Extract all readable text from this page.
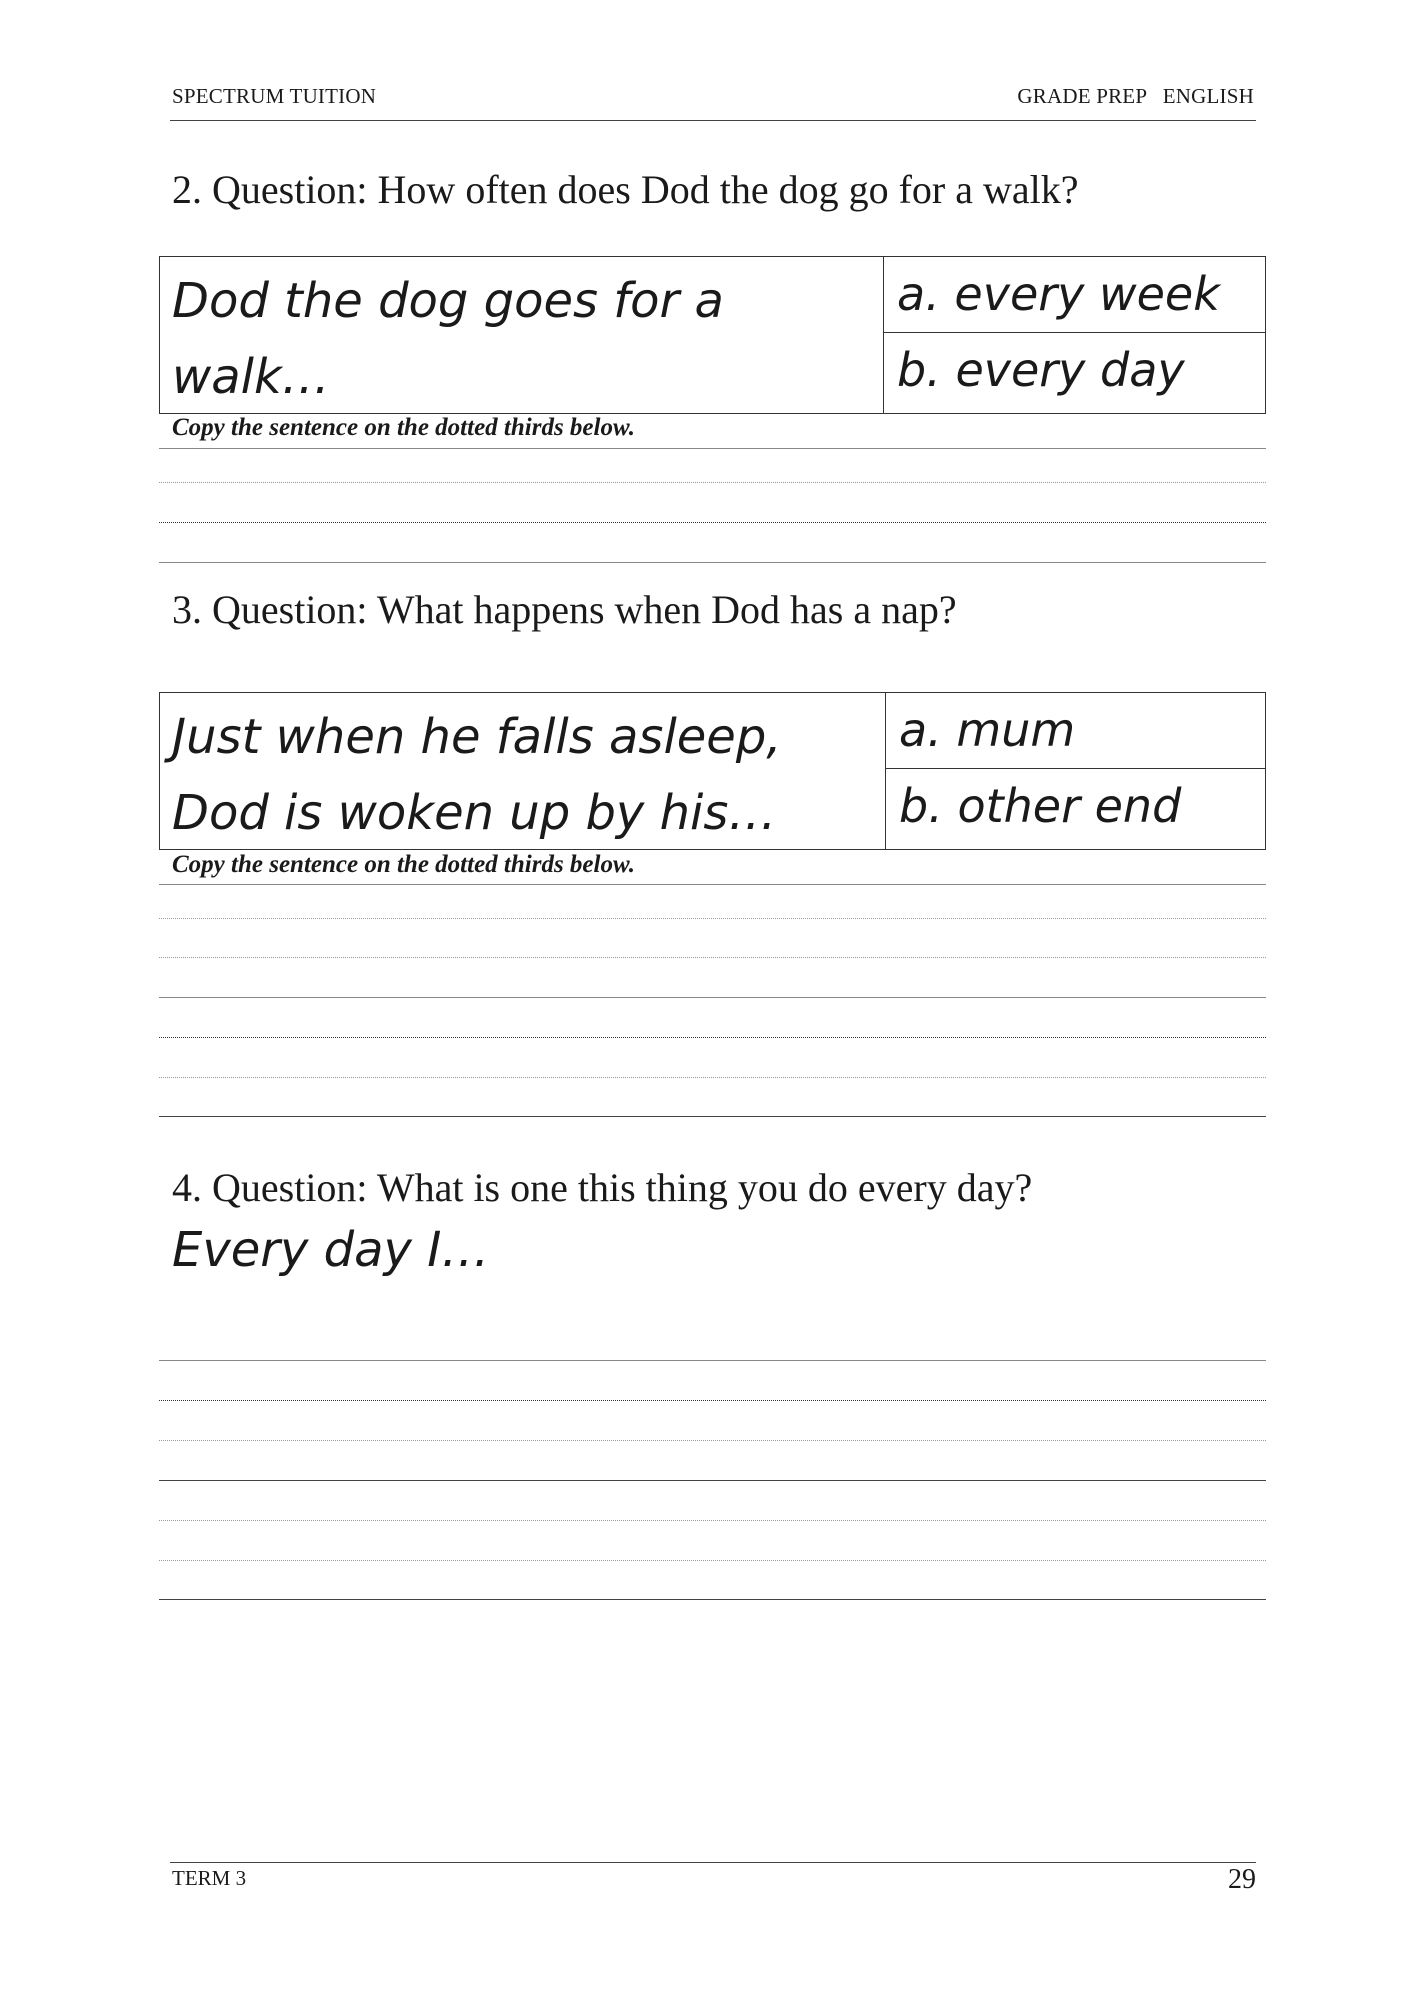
SPECTRUM TUITION	GRADE PREP   ENGLISH
2. Question: How often does Dod the dog go for a walk?
Dod the dog goes for a
walk…
a. every week
b. every day
Copy the sentence on the dotted thirds below.
3. Question: What happens when Dod has a nap?
Just when he falls asleep,
Dod is woken up by his…
a. mum
b. other end
Copy the sentence on the dotted thirds below.
4. Question: What is one this thing you do every day?
Every day I…
TERM 3	29
